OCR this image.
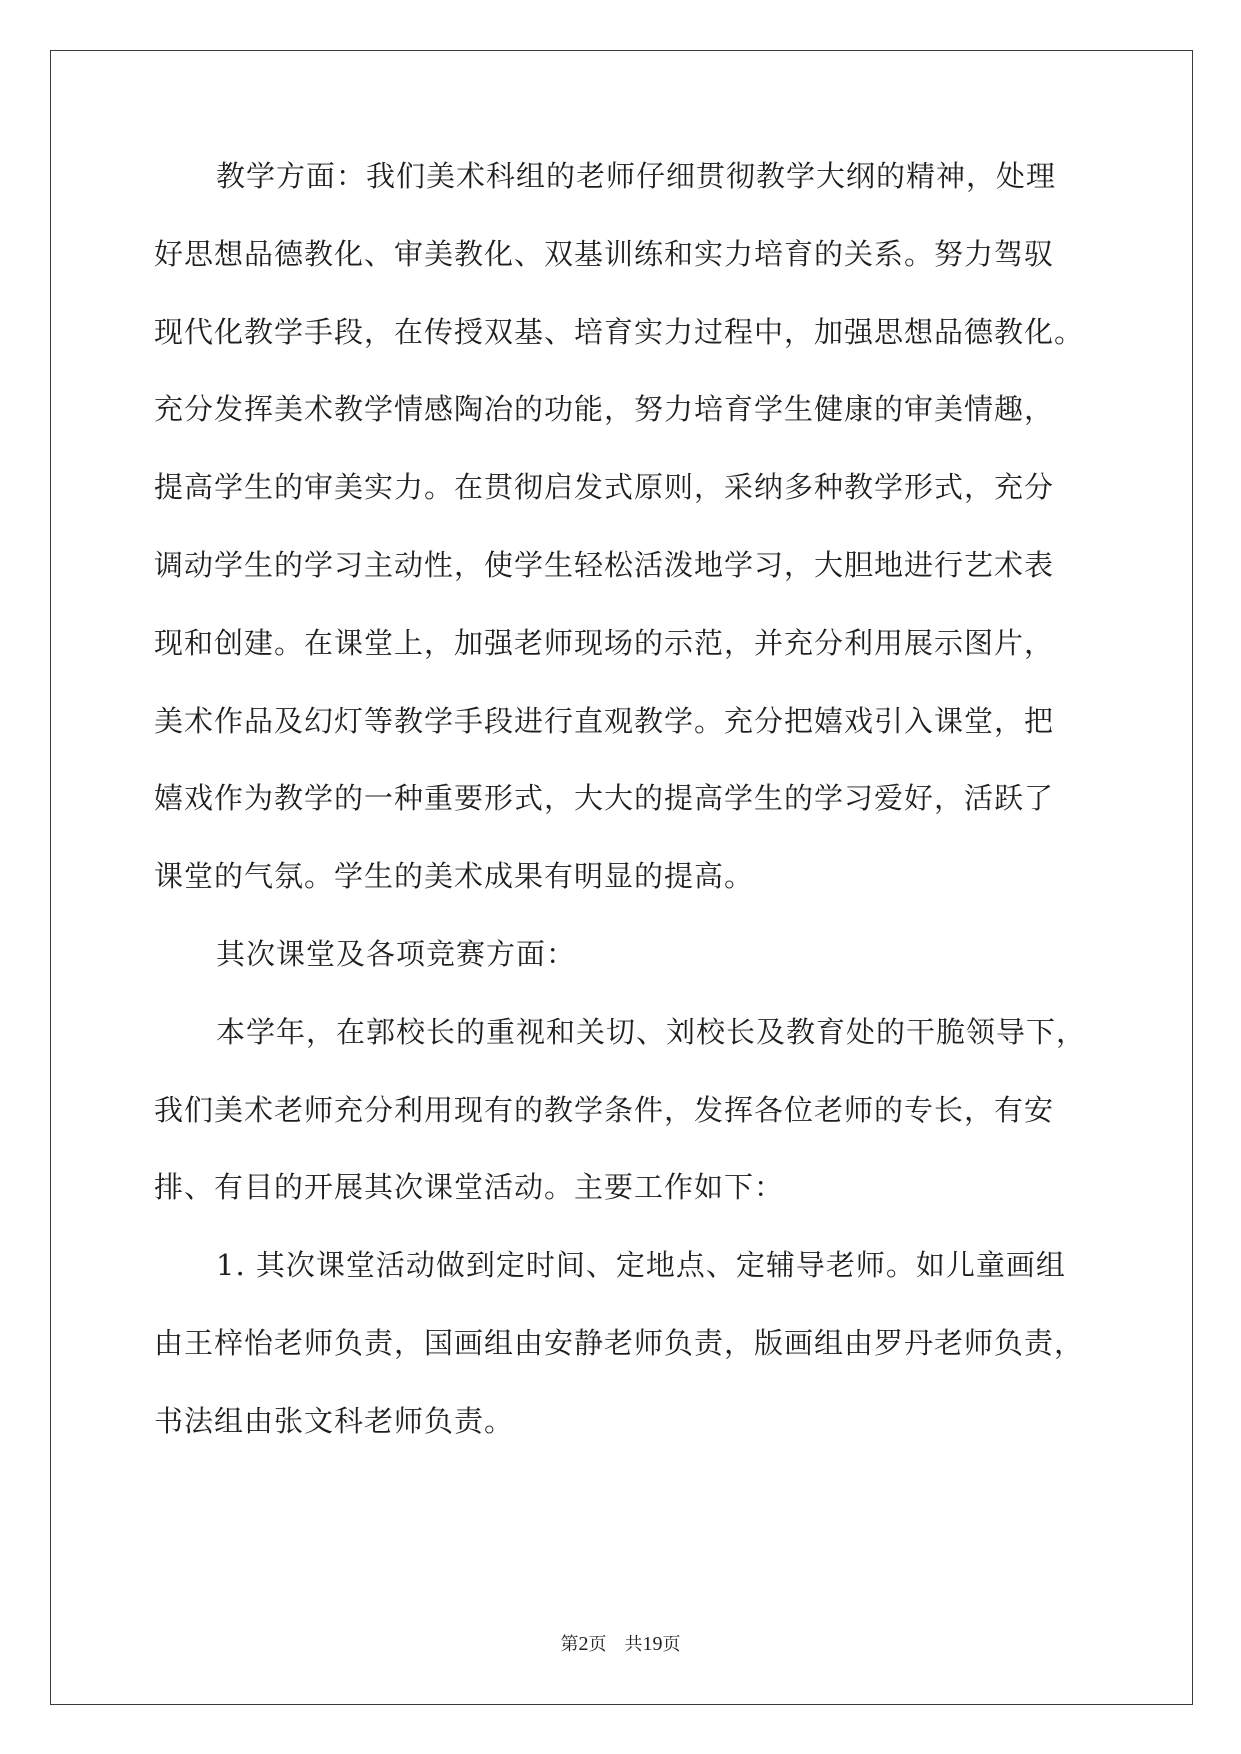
教学方面：我们美术科组的老师仔细贯彻教学大纲的精神，处理
好思想品德教化、审美教化、双基训练和实力培育的关系。努力驾驭
现代化教学手段，在传授双基、培育实力过程中，加强思想品德教化。
充分发挥美术教学情感陶冶的功能，努力培育学生健康的审美情趣，
提高学生的审美实力。在贯彻启发式原则，采纳多种教学形式，充分
调动学生的学习主动性，使学生轻松活泼地学习，大胆地进行艺术表
现和创建。在课堂上，加强老师现场的示范，并充分利用展示图片，
美术作品及幻灯等教学手段进行直观教学。充分把嬉戏引入课堂，把
嬉戏作为教学的一种重要形式，大大的提高学生的学习爱好，活跃了
课堂的气氛。学生的美术成果有明显的提高。
其次课堂及各项竞赛方面：
本学年，在郭校长的重视和关切、刘校长及教育处的干脆领导下，
我们美术老师充分利用现有的教学条件，发挥各位老师的专长，有安
排、有目的开展其次课堂活动。主要工作如下：
1. 其次课堂活动做到定时间、定地点、定辅导老师。如儿童画组
由王梓怡老师负责，国画组由安静老师负责，版画组由罗丹老师负责，
书法组由张文科老师负责。
第2页 共19页
